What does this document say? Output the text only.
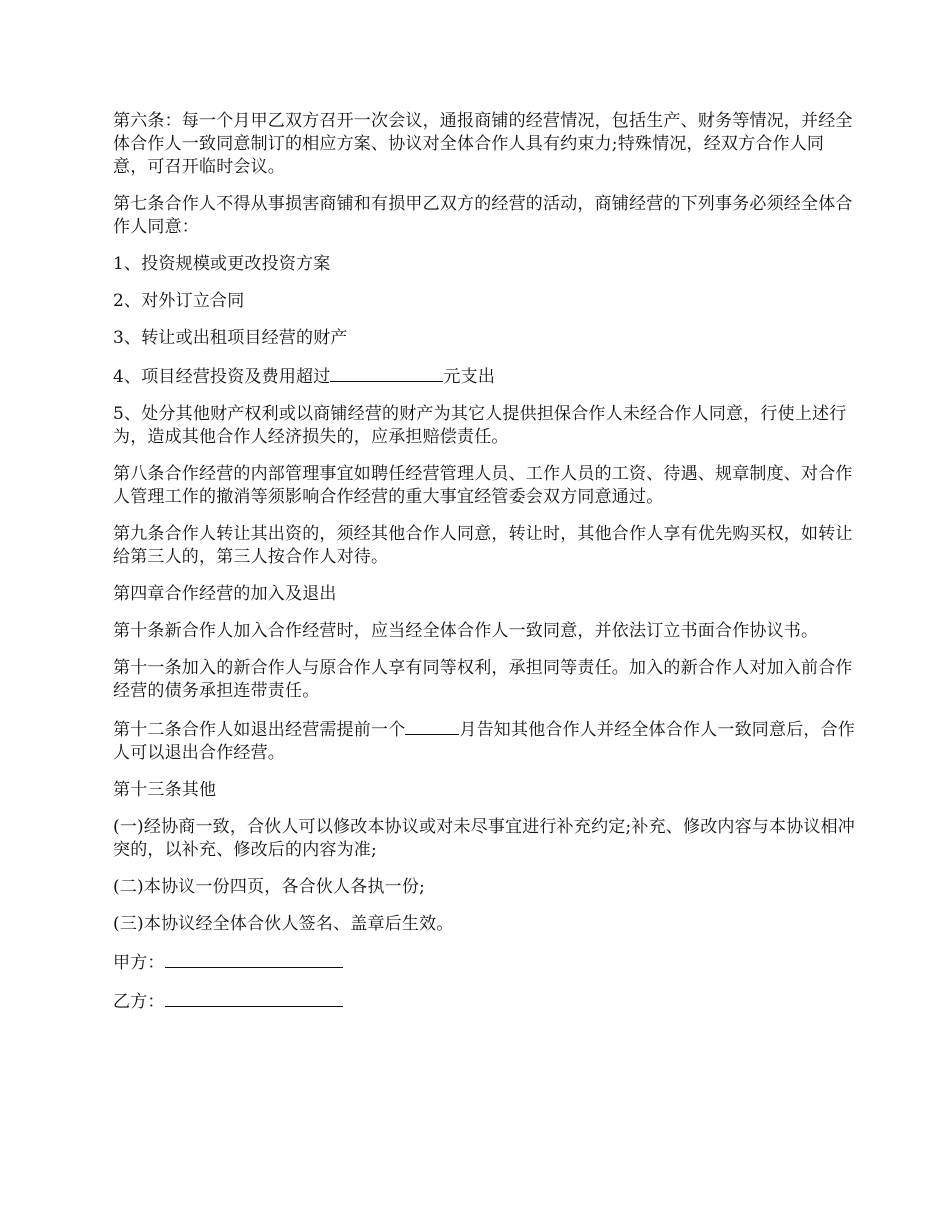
第六条：每一个月甲乙双方召开一次会议，通报商铺的经营情况，包括生产、财务等情况，并经全体合作人一致同意制订的相应方案、协议对全体合作人具有约束力;特殊情况，经双方合作人同意，可召开临时会议。

第七条合作人不得从事损害商铺和有损甲乙双方的经营的活动，商铺经营的下列事务必须经全体合作人同意：

1、投资规模或更改投资方案

2、对外订立合同

3、转让或出租项目经营的财产

4、项目经营投资及费用超过	元支出

5、处分其他财产权利或以商铺经营的财产为其它人提供担保合作人未经合作人同意，行使上述行为，造成其他合作人经济损失的，应承担赔偿责任。

第八条合作经营的内部管理事宜如聘任经营管理人员、工作人员的工资、待遇、规章制度、对合作人管理工作的撤消等须影响合作经营的重大事宜经管委会双方同意通过。

第九条合作人转让其出资的，须经其他合作人同意，转让时，其他合作人享有优先购买权，如转让给第三人的，第三人按合作人对待。

第四章合作经营的加入及退出

第十条新合作人加入合作经营时，应当经全体合作人一致同意，并依法订立书面合作协议书。

第十一条加入的新合作人与原合作人享有同等权利，承担同等责任。加入的新合作人对加入前合作经营的债务承担连带责任。

第十二条合作人如退出经营需提前一个	月告知其他合作人并经全体合作人一致同意后，合作人可以退出合作经营。

第十三条其他

(一)经协商一致，合伙人可以修改本协议或对未尽事宜进行补充约定;补充、修改内容与本协议相冲突的，以补充、修改后的内容为准;

(二)本协议一份四页，各合伙人各执一份;

(三)本协议经全体合伙人签名、盖章后生效。

甲方：

乙方：
